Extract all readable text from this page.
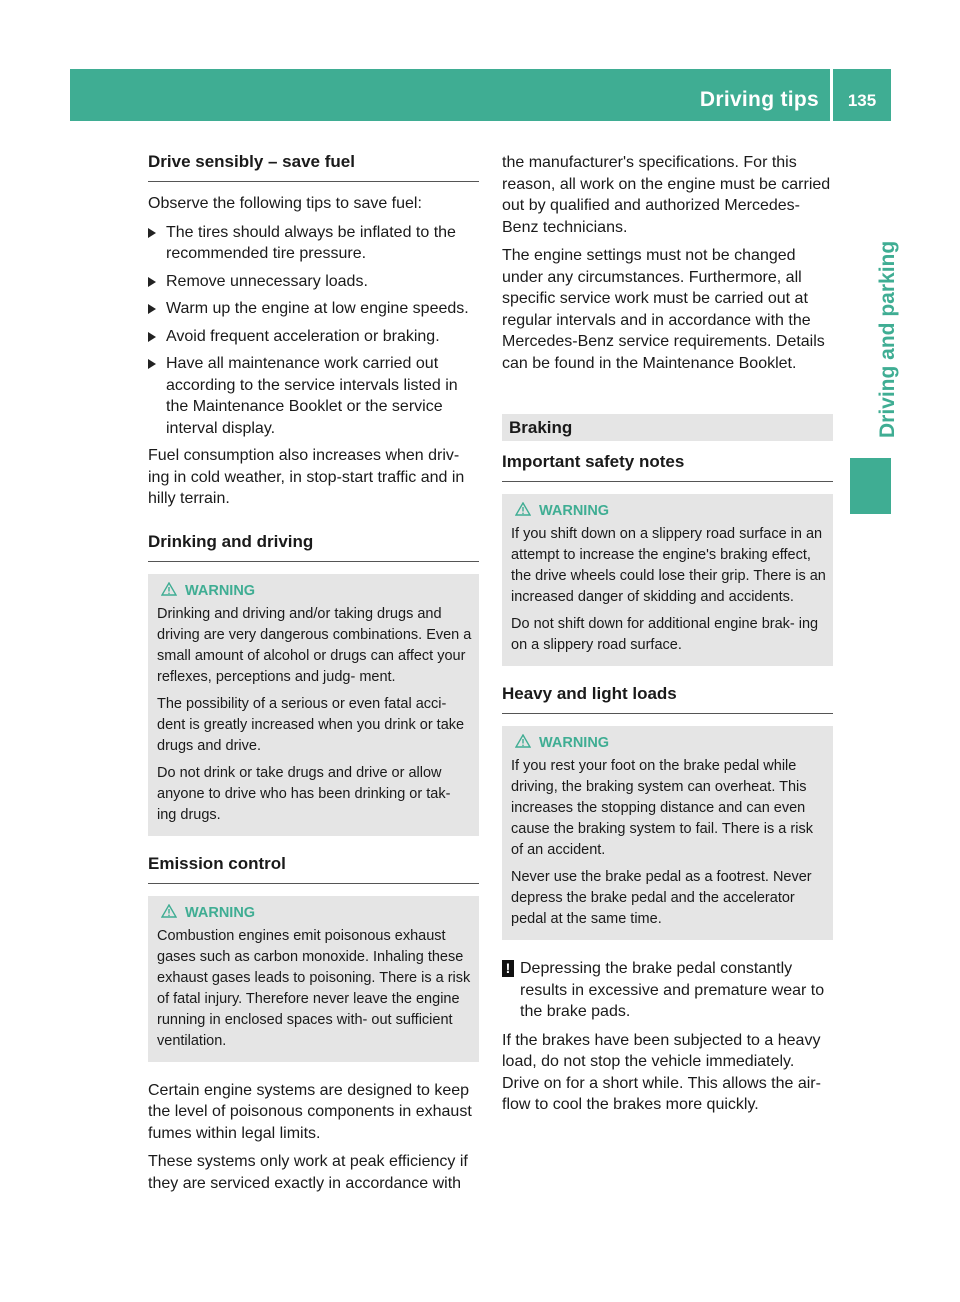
Driving tips	135
Driving and parking
Drive sensibly – save fuel

Observe the following tips to save fuel:

The tires should always be inflated to the recommended tire pressure.
Remove unnecessary loads.
Warm up the engine at low engine speeds.
Avoid frequent acceleration or braking.
Have all maintenance work carried out according to the service intervals listed in the Maintenance Booklet or the service interval display.

Fuel consumption also increases when driv- ing in cold weather, in stop-start traffic and in hilly terrain.

Drinking and driving
WARNING

Drinking and driving and/or taking drugs and driving are very dangerous combinations. Even a small amount of alcohol or drugs can affect your reflexes, perceptions and judg- ment.

The possibility of a serious or even fatal acci- dent is greatly increased when you drink or take drugs and drive.

Do not drink or take drugs and drive or allow anyone to drive who has been drinking or tak- ing drugs.

Emission control
WARNING

Combustion engines emit poisonous exhaust gases such as carbon monoxide. Inhaling these exhaust gases leads to poisoning. There is a risk of fatal injury. Therefore never leave the engine running in enclosed spaces with- out sufficient ventilation.

Certain engine systems are designed to keep the level of poisonous components in exhaust fumes within legal limits.

These systems only work at peak efficiency if they are serviced exactly in accordance with

the manufacturer's specifications. For this reason, all work on the engine must be carried out by qualified and authorized Mercedes- Benz technicians.

The engine settings must not be changed under any circumstances. Furthermore, all specific service work must be carried out at regular intervals and in accordance with the Mercedes-Benz service requirements. Details can be found in the Maintenance Booklet.

Braking
Important safety notes
WARNING

If you shift down on a slippery road surface in an attempt to increase the engine's braking effect, the drive wheels could lose their grip. There is an increased danger of skidding and accidents.

Do not shift down for additional engine brak- ing on a slippery road surface.

Heavy and light loads
WARNING

If you rest your foot on the brake pedal while driving, the braking system can overheat. This increases the stopping distance and can even cause the braking system to fail. There is a risk of an accident.

Never use the brake pedal as a footrest. Never depress the brake pedal and the accelerator pedal at the same time.

! Depressing the brake pedal constantly results in excessive and premature wear to the brake pads.

If the brakes have been subjected to a heavy load, do not stop the vehicle immediately. Drive on for a short while. This allows the air- flow to cool the brakes more quickly.
